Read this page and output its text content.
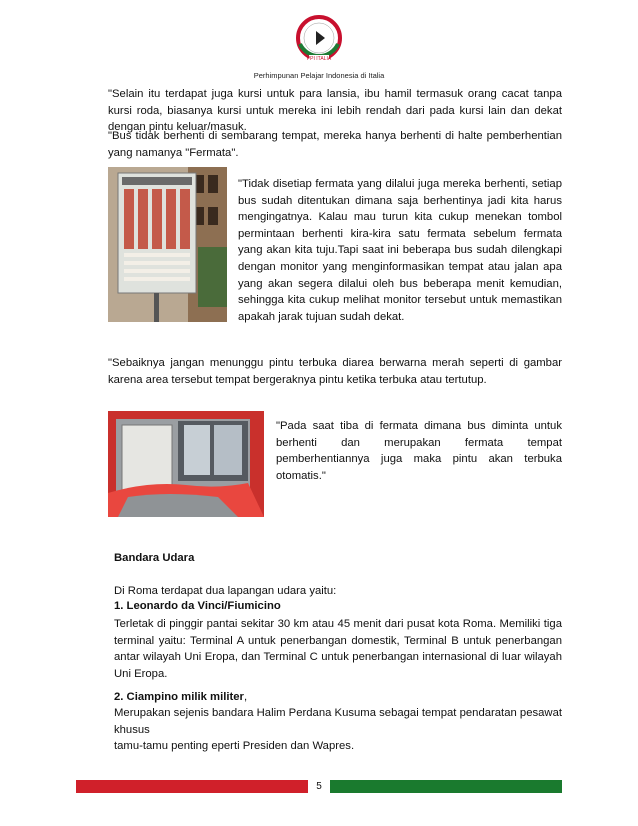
PPI ITALIA
Perhimpunan Pelajar Indonesia di Italia
"Selain itu terdapat juga kursi untuk para lansia, ibu hamil termasuk orang cacat tanpa kursi roda, biasanya kursi untuk mereka ini lebih rendah dari pada kursi lain dan dekat dengan pintu keluar/masuk.
"Bus tidak berhenti di sembarang tempat, mereka hanya berhenti di halte pemberhentian yang namanya "Fermata".
"Tidak disetiap fermata yang dilalui juga mereka berhenti, setiap bus sudah ditentukan dimana saja berhentinya jadi kita harus mengingatnya. Kalau mau turun kita cukup menekan tombol permintaan berhenti kira-kira satu fermata sebelum fermata yang akan kita tuju.Tapi saat ini beberapa bus sudah dilengkapi dengan monitor yang menginformasikan tempat atau jalan apa yang akan segera dilalui oleh bus beberapa menit kemudian, sehingga kita cukup melihat monitor tersebut untuk memastikan apakah jarak tujuan sudah dekat.
"Sebaiknya jangan menunggu pintu terbuka diarea berwarna merah seperti di gambar karena area tersebut tempat bergeraknya pintu ketika terbuka atau tertutup.
"Pada saat tiba di fermata dimana bus diminta untuk berhenti dan merupakan fermata tempat pemberhentiannya juga maka pintu akan terbuka otomatis."
Bandara Udara
Di Roma terdapat dua lapangan udara yaitu:
1. Leonardo da Vinci/Fiumicino
Terletak di pinggir pantai sekitar 30 km atau 45 menit dari pusat kota Roma. Memiliki tiga terminal yaitu: Terminal A untuk penerbangan domestik, Terminal B untuk penerbangan antar wilayah Uni Eropa, dan Terminal C untuk penerbangan internasional di luar wilayah Uni Eropa.
2. Ciampino milik militer,
Merupakan sejenis bandara Halim Perdana Kusuma sebagai tempat pendaratan pesawat khusus
tamu-tamu penting eperti Presiden dan Wapres.
5
